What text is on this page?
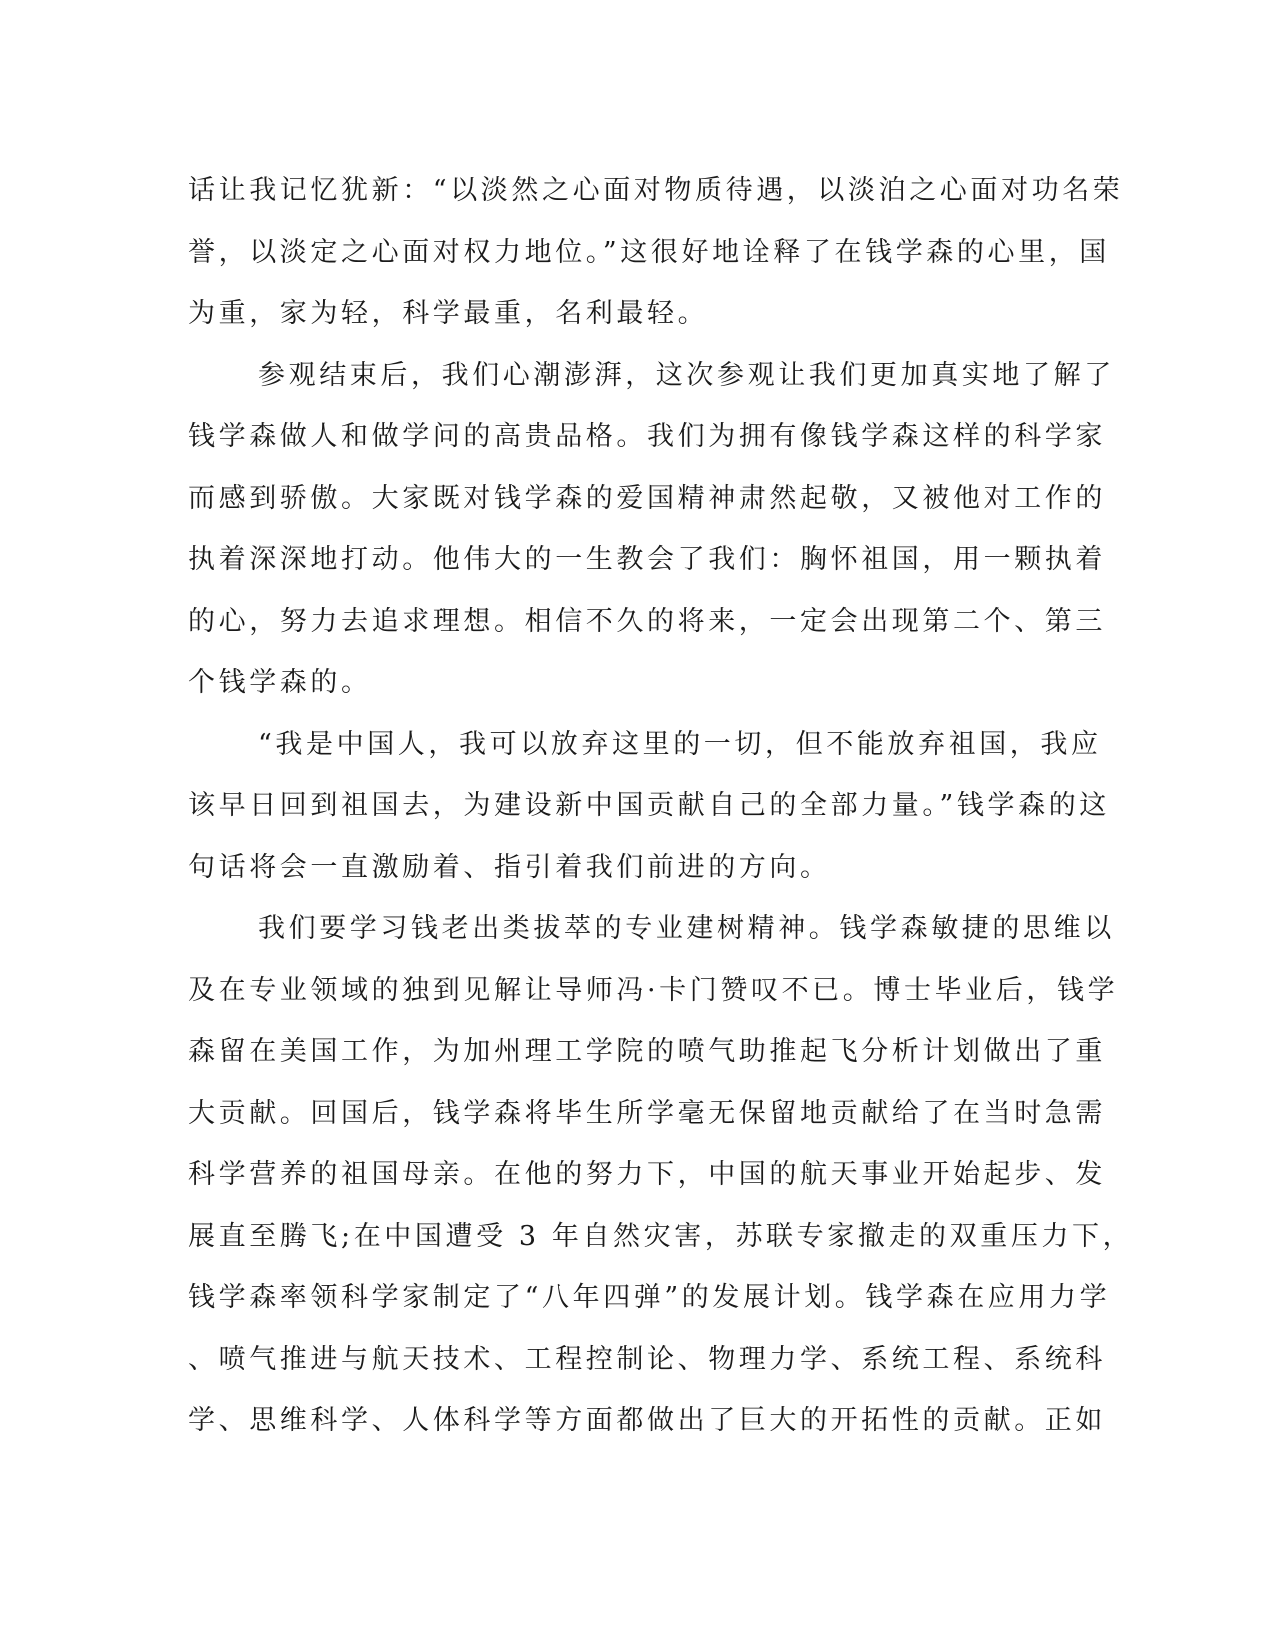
话让我记忆犹新：“以淡然之心面对物质待遇，以淡泊之心面对功名荣
誉，以淡定之心面对权力地位。”这很好地诠释了在钱学森的心里，国
为重，家为轻，科学最重，名利最轻。
参观结束后，我们心潮澎湃，这次参观让我们更加真实地了解了
钱学森做人和做学问的高贵品格。我们为拥有像钱学森这样的科学家
而感到骄傲。大家既对钱学森的爱国精神肃然起敬，又被他对工作的
执着深深地打动。他伟大的一生教会了我们：胸怀祖国，用一颗执着
的心，努力去追求理想。相信不久的将来，一定会出现第二个、第三
个钱学森的。
“我是中国人，我可以放弃这里的一切，但不能放弃祖国，我应
该早日回到祖国去，为建设新中国贡献自己的全部力量。”钱学森的这
句话将会一直激励着、指引着我们前进的方向。
我们要学习钱老出类拔萃的专业建树精神。钱学森敏捷的思维以
及在专业领域的独到见解让导师冯·卡门赞叹不已。博士毕业后，钱学
森留在美国工作，为加州理工学院的喷气助推起飞分析计划做出了重
大贡献。回国后，钱学森将毕生所学毫无保留地贡献给了在当时急需
科学营养的祖国母亲。在他的努力下，中国的航天事业开始起步、发
展直至腾飞;在中国遭受 3 年自然灾害，苏联专家撤走的双重压力下，
钱学森率领科学家制定了“八年四弹”的发展计划。钱学森在应用力学
、喷气推进与航天技术、工程控制论、物理力学、系统工程、系统科
学、思维科学、人体科学等方面都做出了巨大的开拓性的贡献。正如
